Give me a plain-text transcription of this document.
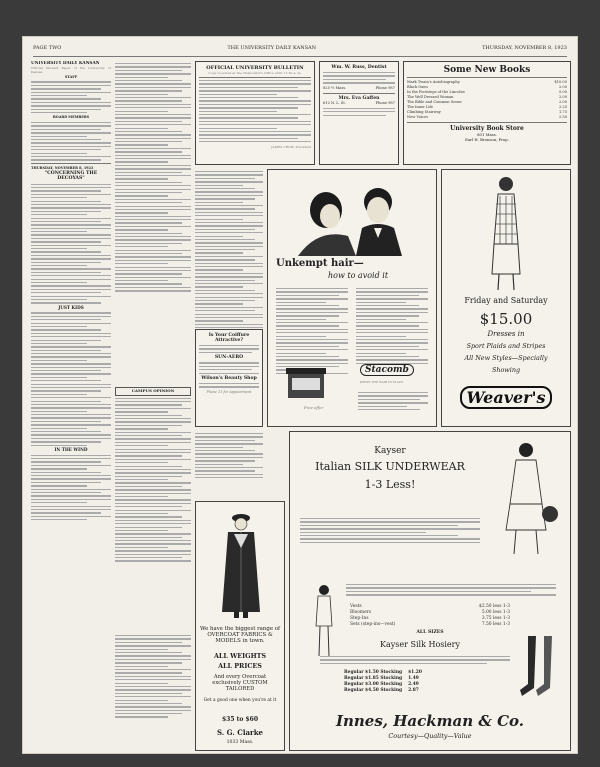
PAGE TWO	THE UNIVERSITY DAILY KANSAN	THURSDAY, NOVEMBER 8, 1923
UNIVERSITY DAILY KANSAN
Official Student Paper of the University of Kansas
STAFF
BOARD MEMBERS
THURSDAY, NOVEMBER 8, 1923
"CONCERNING THE DECOYAS"
JUST KIDS
IN THE WIND
CAMPUS OPINION
OFFICIAL UNIVERSITY BULLETIN
Copy received at the Chancellor's Office until 11:30 a. m.
JAMES CROW, President
Wm. W. Russ, Dentist
825 ½ Mass.	Phone 987
Mrs. Eva Gaffen
612 N. L. St.	Phone 987
Some New Books
Mark Twain's Autobiography	$10.00
Black Oxen	2.00
In the Footsteps of the Lincolns	5.00
The Well Dressed Woman	2.00
The Bible and Common Sense	2.00
The Inner Life	2.25
Climbing Stairway	1.75
New Voices	2.50
University Book Store
801 Mass.
Earl H. Bronson, Prop.
Unkempt hair—
how to avoid it
Stacomb
KEEPS THE HAIR IN PLACE
Free offer
Friday and Saturday
$15.00
Dresses in
Sport Plaids and Stripes
All New Styles—Specially
Showing
Weaver's
Is Your Coiffure Attractive?
SUN-AERO
Wilson's Beauty Shop
Phone 11 for Appointment
We have the biggest range of OVERCOAT FABRICS & MODELS in town.
ALL WEIGHTS
ALL PRICES
And every Overcoat exclusively CUSTOM TAILORED
Get a good one when you're at it
$35 to $60
S. G. Clarke
1033 Mass.
Kayser
Italian SILK UNDERWEAR
1-3 Less!
Vests	$2.50 less 1-3
Bloomers	5.00 less 1-3
Step-Ins	3.75 less 1-3
Sets (step-ins—vest)	7.50 less 1-3
ALL SIZES
Kayser Silk Hosiery
Regular $1.50 Stocking $1.20
Regular $1.85 Stocking 1.49
Regular $3.00 Stocking 2.49
Regular $4.50 Stocking 2.87
Innes, Hackman & Co.
Courtesy—Quality—Value
